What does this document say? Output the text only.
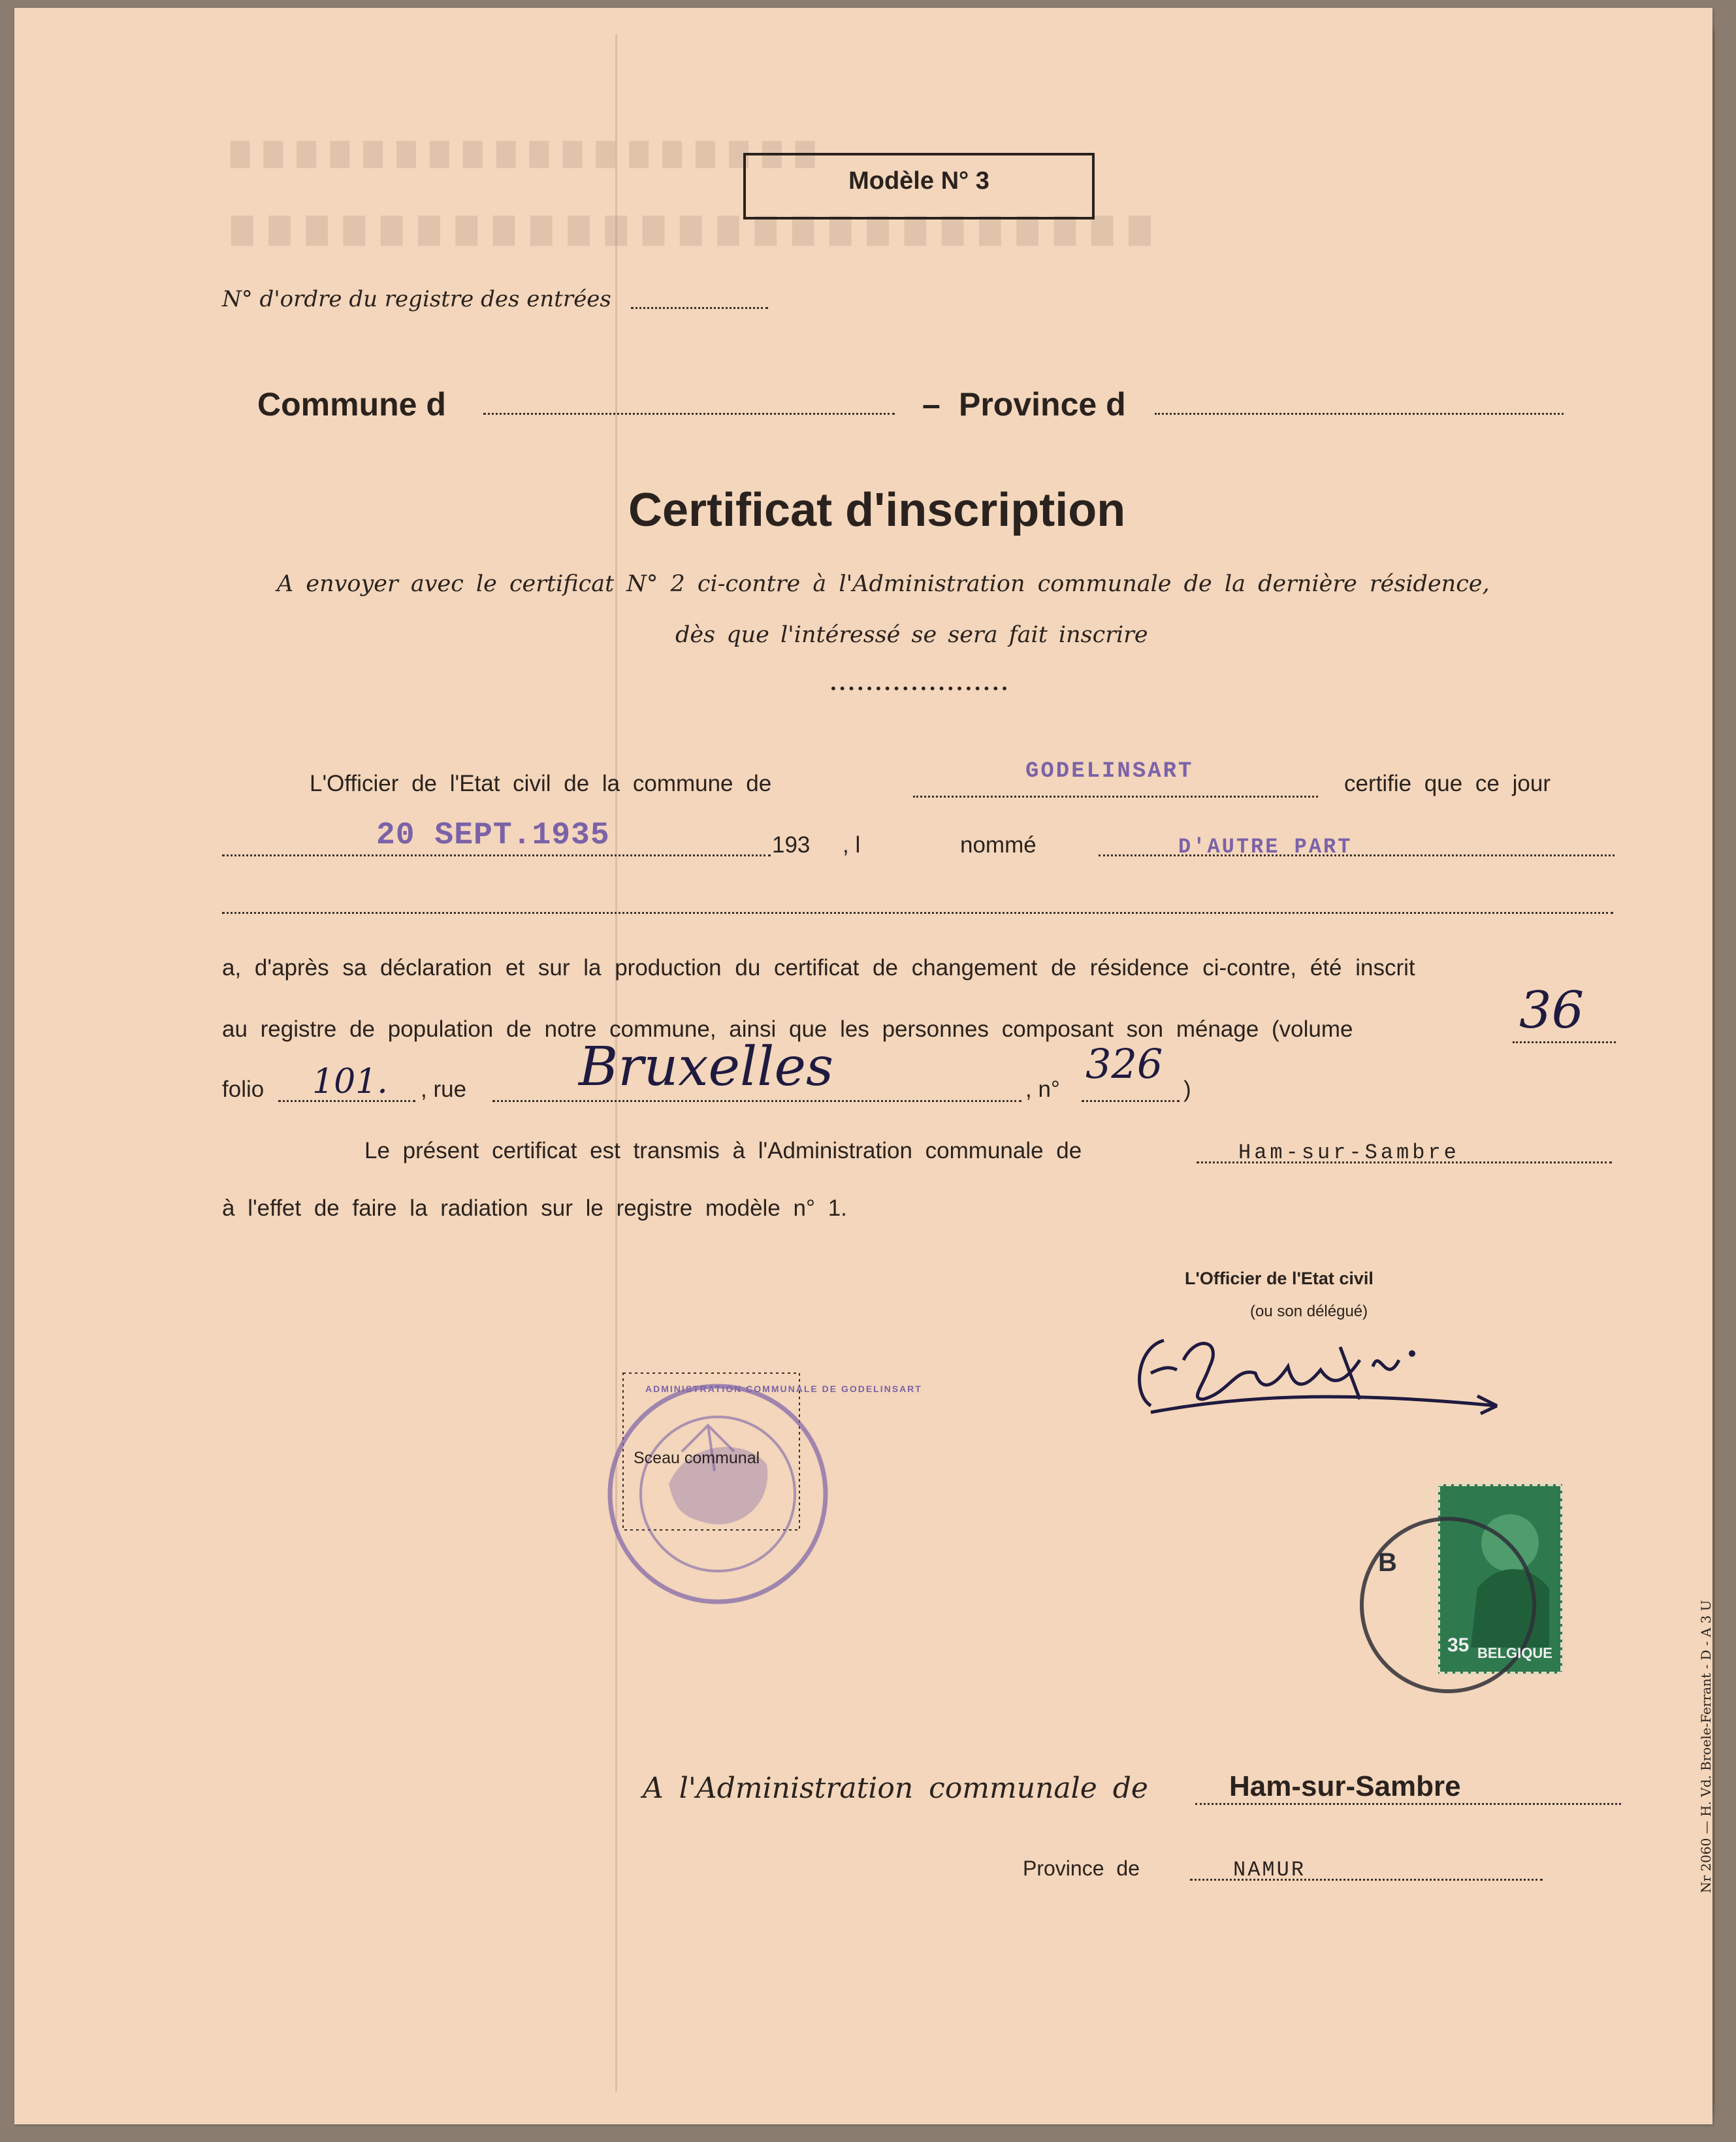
∎∎∎∎∎∎∎∎∎∎∎∎∎∎∎∎∎∎
∎∎∎∎∎∎∎∎∎∎∎∎∎∎∎∎∎∎∎∎∎∎∎∎∎
Modèle N° 3
N° d'ordre du registre des entrées
Commune d	– Province d
Certificat d'inscription
A envoyer avec le certificat N° 2 ci-contre à l'Administration communale de la dernière résidence,
dès que l'intéressé se sera fait inscrire
••••••••••••••••••••
L'Officier de l'Etat civil de la commune de	GODELINSART	certifie que ce jour
20 SEPT.1935	193 , l	nommé	D'AUTRE PART
a, d'après sa déclaration et sur la production du certificat de changement de résidence ci-contre, été inscrit
au registre de population de notre commune, ainsi que les personnes composant son ménage (volume	36
folio 101. , rue Bruxelles	, n°
326
)
Le présent certificat est transmis à l'Administration communale de	Ham-sur-Sambre
à l'effet de faire la radiation sur le registre modèle n° 1.
L'Officier de l'Etat civil
(ou son délégué)
Sceau communal
ADMINISTRATION COMMUNALE DE GODELINSART
BELGIQUE
35
B
A l'Administration communale de	Ham-sur-Sambre
Province de	NAMUR	Nr 2060 — H. Vd. Broele-Ferrant - D - A 3 U
